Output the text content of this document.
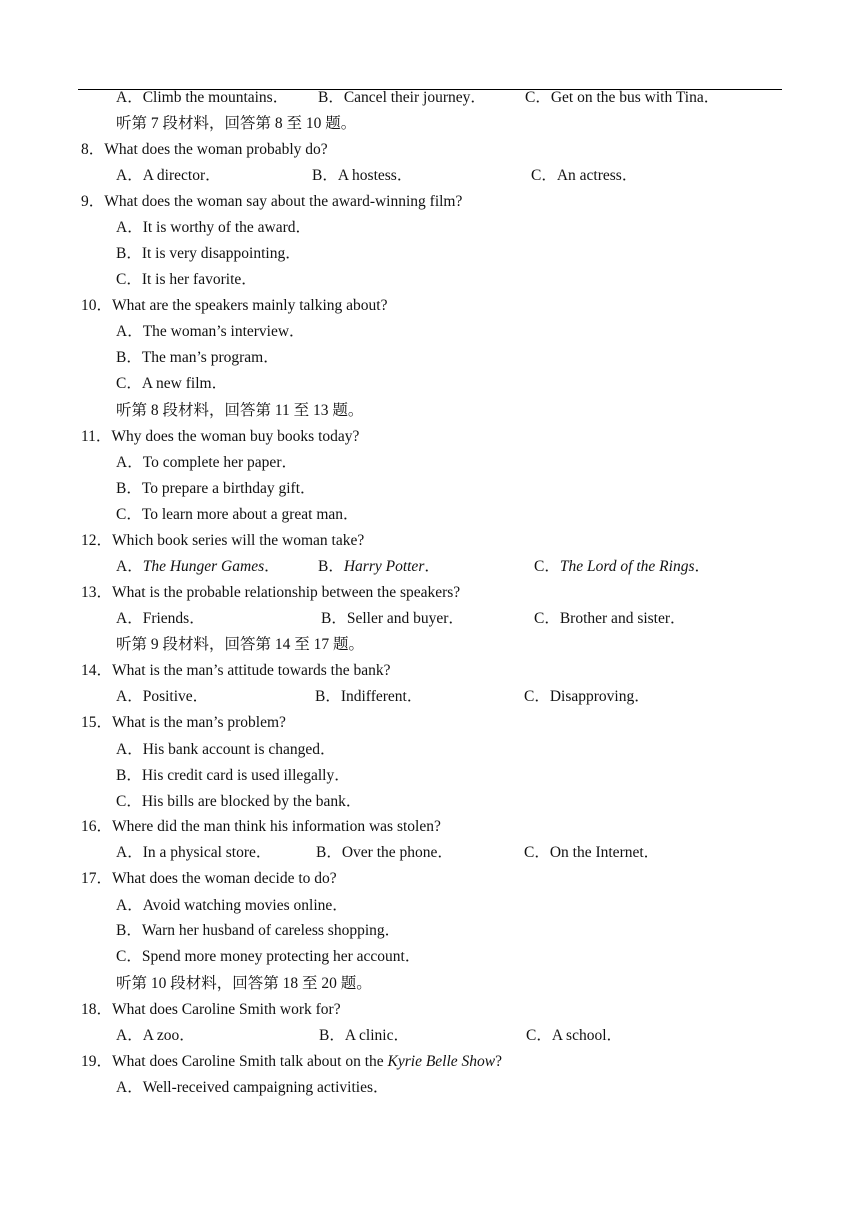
A．Climb the mountains． B．Cancel their journey．	C．Get on the bus with Tina．
听第 7 段材料，回答第 8 至 10 题。
8．What does the woman probably do?
A．A director．	B．A hostess．	C．An actress．
9．What does the woman say about the award-winning film?
A．It is worthy of the award．
B．It is very disappointing．
C．It is her favorite．
10．What are the speakers mainly talking about?
A．The woman’s interview．
B．The man’s program．
C．A new film．
听第 8 段材料，回答第 11 至 13 题。
11．Why does the woman buy books today?
A．To complete her paper．
B．To prepare a birthday gift．
C．To learn more about a great man．
12．Which book series will the woman take?
A．The Hunger Games． B．Harry Potter．	C．The Lord of the Rings．
13．What is the probable relationship between the speakers?
A．Friends．	B．Seller and buyer．	C．Brother and sister．
听第 9 段材料，回答第 14 至 17 题。
14．What is the man’s attitude towards the bank?
A．Positive．	B．Indifferent．	C．Disapproving．
15．What is the man’s problem?
A．His bank account is changed．
B．His credit card is used illegally．
C．His bills are blocked by the bank．
16．Where did the man think his information was stolen?
A．In a physical store．	B．Over the phone．	C．On the Internet．
17．What does the woman decide to do?
A．Avoid watching movies online．
B．Warn her husband of careless shopping．
C．Spend more money protecting her account．
听第 10 段材料，回答第 18 至 20 题。
18．What does Caroline Smith work for?
A．A zoo．	B．A clinic．	C．A school．
19．What does Caroline Smith talk about on the Kyrie Belle Show?
A．Well-received campaigning activities．
